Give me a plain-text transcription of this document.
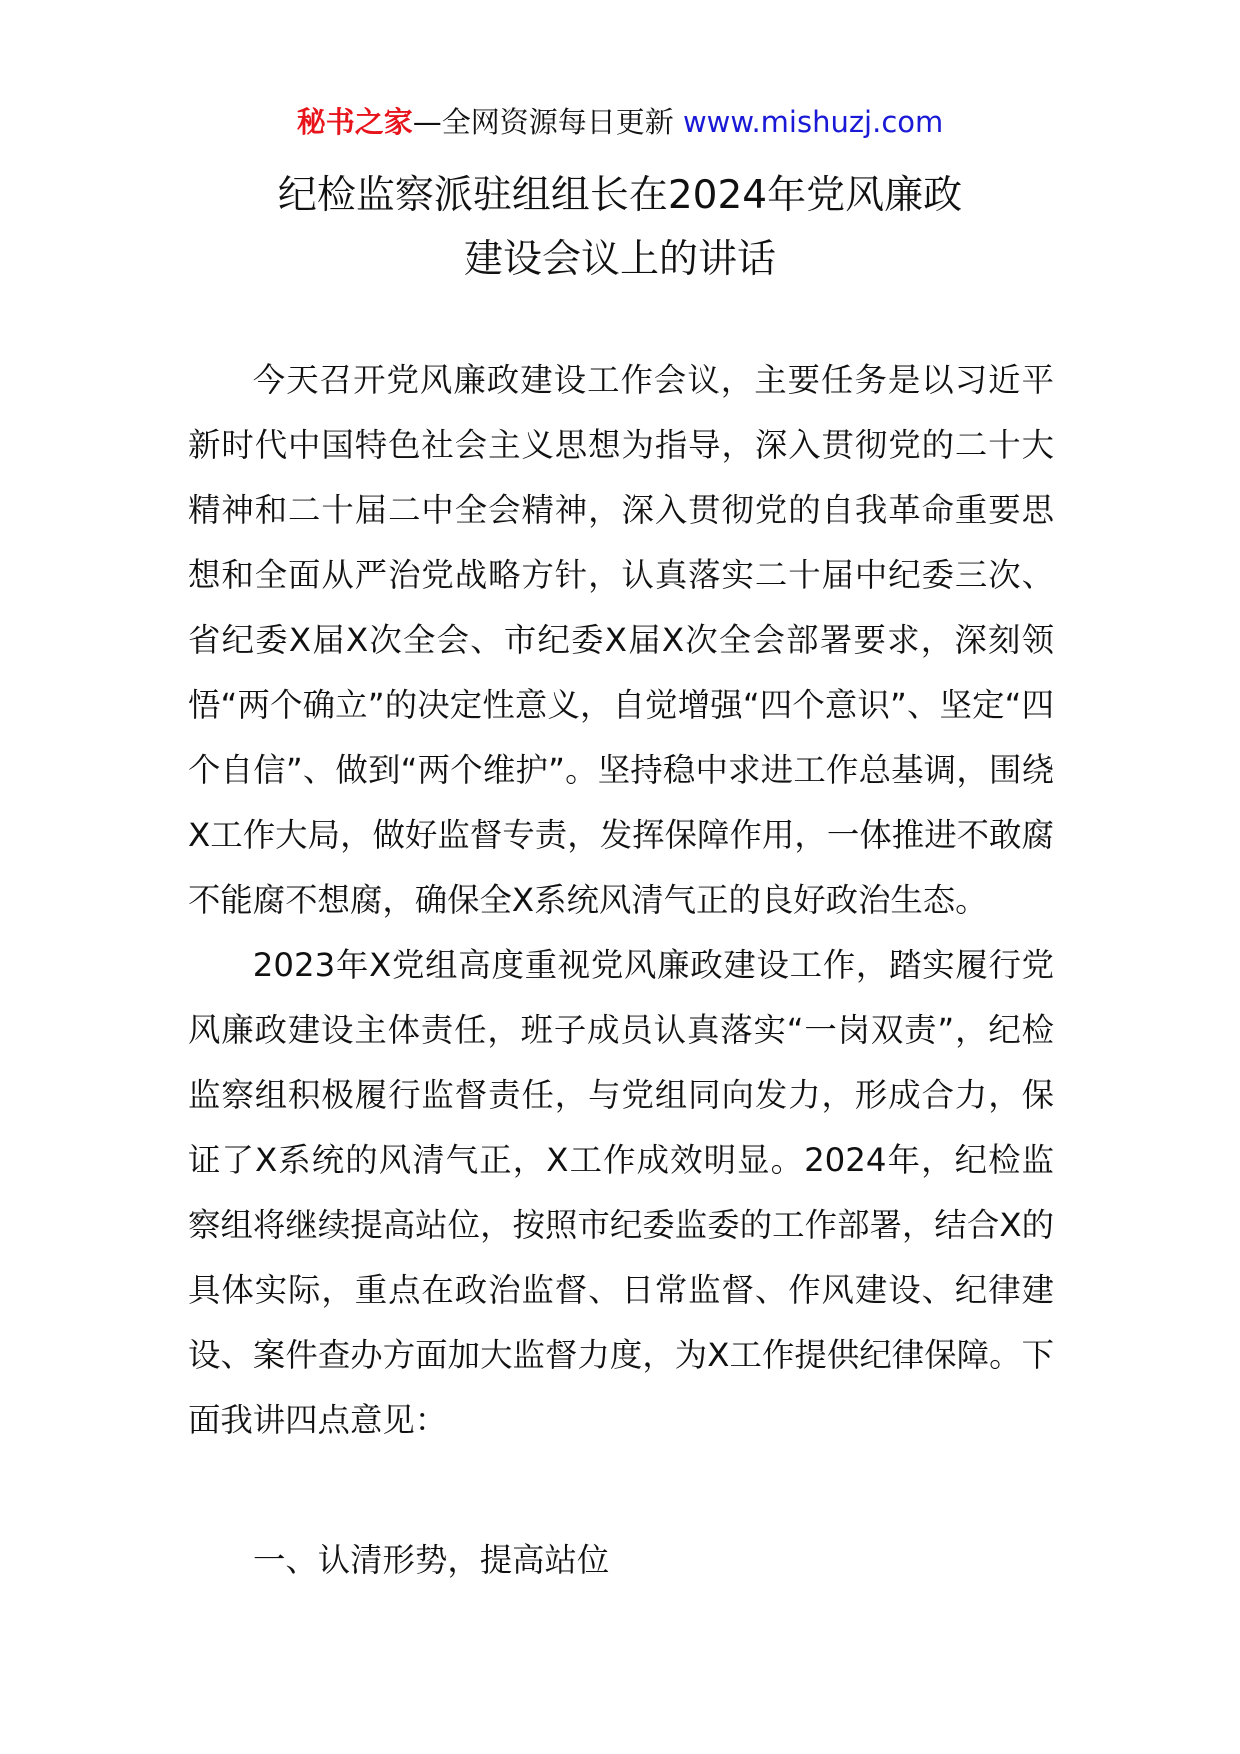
秘书之家—全网资源每日更新 www.mishuzj.com
纪检监察派驻组组长在2024年党风廉政
建设会议上的讲话

今天召开党风廉政建设工作会议，主要任务是以习近平新时代中国特色社会主义思想为指导，深入贯彻党的二十大精神和二十届二中全会精神，深入贯彻党的自我革命重要思想和全面从严治党战略方针，认真落实二十届中纪委三次、省纪委X届X次全会、市纪委X届X次全会部署要求，深刻领悟“两个确立”的决定性意义，自觉增强“四个意识”、坚定“四个自信”、做到“两个维护”。坚持稳中求进工作总基调，围绕X工作大局，做好监督专责，发挥保障作用，一体推进不敢腐不能腐不想腐，确保全X系统风清气正的良好政治生态。

2023年X党组高度重视党风廉政建设工作，踏实履行党风廉政建设主体责任，班子成员认真落实“一岗双责”，纪检监察组积极履行监督责任，与党组同向发力，形成合力，保证了X系统的风清气正，X工作成效明显。2024年，纪检监察组将继续提高站位，按照市纪委监委的工作部署，结合X的具体实际，重点在政治监督、日常监督、作风建设、纪律建设、案件查办方面加大监督力度，为X工作提供纪律保障。下面我讲四点意见：

一、认清形势，提高站位
